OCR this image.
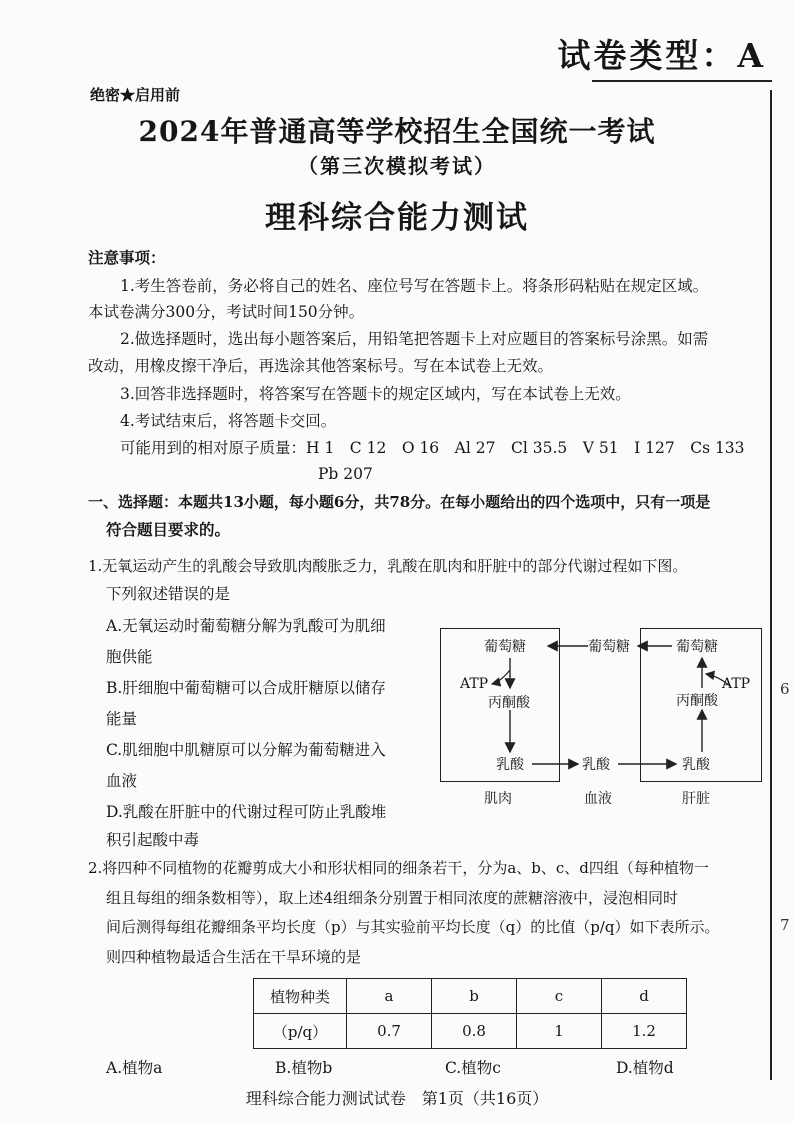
试卷类型：A
绝密★启用前
2024年普通高等学校招生全国统一考试
（第三次模拟考试）
理科综合能力测试
注意事项：
1.考生答卷前，务必将自己的姓名、座位号写在答题卡上。将条形码粘贴在规定区域。
本试卷满分300分，考试时间150分钟。
2.做选择题时，选出每小题答案后，用铅笔把答题卡上对应题目的答案标号涂黑。如需
改动，用橡皮擦干净后，再选涂其他答案标号。写在本试卷上无效。
3.回答非选择题时，将答案写在答题卡的规定区域内，写在本试卷上无效。
4.考试结束后，将答题卡交回。
可能用到的相对原子质量：H 1　C 12　O 16　Al 27　Cl 35.5　V 51　I 127　Cs 133
Pb 207
一、选择题：本题共13小题，每小题6分，共78分。在每小题给出的四个选项中，只有一项是
符合题目要求的。
1.无氧运动产生的乳酸会导致肌肉酸胀乏力，乳酸在肌肉和肝脏中的部分代谢过程如下图。
下列叙述错误的是
A.无氧运动时葡萄糖分解为乳酸可为肌细
胞供能
B.肝细胞中葡萄糖可以合成肝糖原以储存
能量
C.肌细胞中肌糖原可以分解为葡萄糖进入
血液
D.乳酸在肝脏中的代谢过程可防止乳酸堆
积引起酸中毒
葡萄糖	葡萄糖	葡萄糖
ATP
丙酮酸
ATP
丙酮酸
乳酸	乳酸	乳酸
肌肉	血液	肝脏
2.将四种不同植物的花瓣剪成大小和形状相同的细条若干，分为a、b、c、d四组（每种植物一
组且每组的细条数相等），取上述4组细条分别置于相同浓度的蔗糖溶液中，浸泡相同时
间后测得每组花瓣细条平均长度（p）与其实验前平均长度（q）的比值（p/q）如下表所示。
则四种植物最适合生活在干旱环境的是
植物种类	a	b	c	d
（p/q）	0.7	0.8	1	1.2
A.植物a	B.植物b	C.植物c	D.植物d
6
7
理科综合能力测试试卷　第1页（共16页）
